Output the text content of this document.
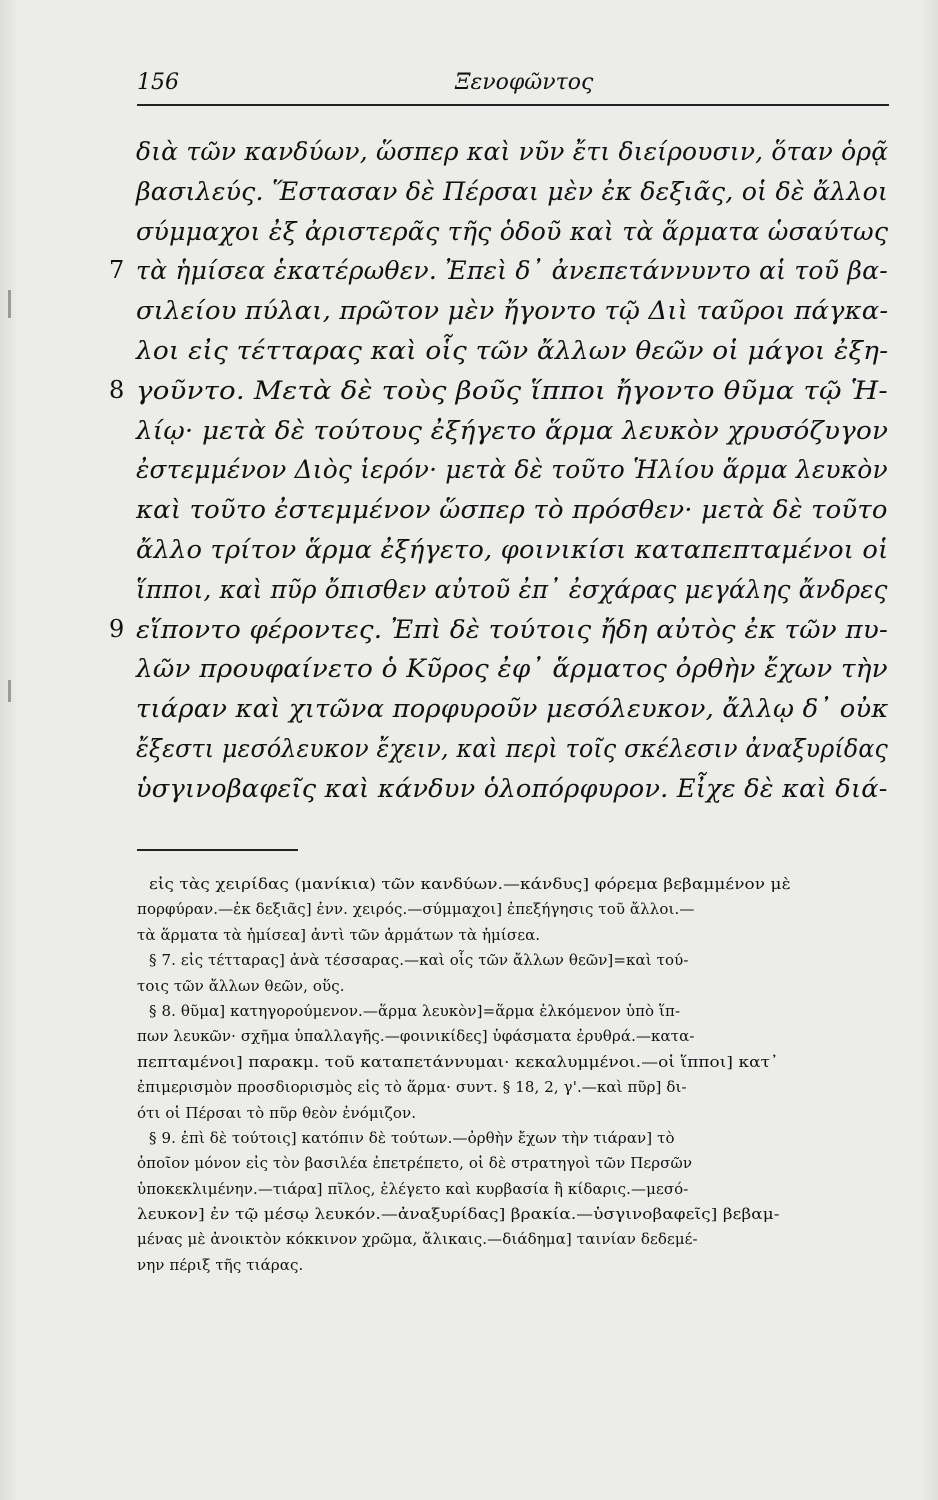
156	Ξενοφῶντος
διὰ τῶν κανδύων, ὥσπερ καὶ νῦν ἔτι διείρουσιν, ὅταν ὁρᾷ
βασιλεύς. Ἕστασαν δὲ Πέρσαι μὲν ἐκ δεξιᾶς, οἱ δὲ ἄλλοι
σύμμαχοι ἐξ ἀριστερᾶς τῆς ὁδοῦ καὶ τὰ ἅρματα ὡσαύτως
7 τὰ ἡμίσεα ἑκατέρωθεν. Ἐπεὶ δ᾽ ἀνεπετάννυντο αἱ τοῦ βα-
σιλείου πύλαι, πρῶτον μὲν ἤγοντο τῷ Διὶ ταῦροι πάγκα-
λοι εἰς τέτταρας καὶ οἷς τῶν ἄλλων θεῶν οἱ μάγοι ἐξη-
8 γοῦντο. Μετὰ δὲ τοὺς βοῦς ἵπποι ἤγοντο θῦμα τῷ Ἡ-
λίῳ· μετὰ δὲ τούτους ἐξήγετο ἅρμα λευκὸν χρυσόζυγον
ἐστεμμένον Διὸς ἱερόν· μετὰ δὲ τοῦτο Ἡλίου ἅρμα λευκὸν
καὶ τοῦτο ἐστεμμένον ὥσπερ τὸ πρόσθεν· μετὰ δὲ τοῦτο
ἄλλο τρίτον ἅρμα ἐξήγετο, φοινικίσι καταπεπταμένοι οἱ
ἵπποι, καὶ πῦρ ὄπισθεν αὐτοῦ ἐπ᾽ ἐσχάρας μεγάλης ἄνδρες
9 εἵποντο φέροντες. Ἐπὶ δὲ τούτοις ἤδη αὐτὸς ἐκ τῶν πυ-
λῶν προυφαίνετο ὁ Κῦρος ἐφ᾽ ἅρματος ὀρθὴν ἔχων τὴν
τιάραν καὶ χιτῶνα πορφυροῦν μεσόλευκον, ἄλλῳ δ᾽ οὐκ
ἔξεστι μεσόλευκον ἔχειν, καὶ περὶ τοῖς σκέλεσιν ἀναξυρίδας
ὑσγινοβαφεῖς καὶ κάνδυν ὁλοπόρφυρον. Εἶχε δὲ καὶ διά-
εἰς τὰς χειρίδας (μανίκια) τῶν κανδύων.—κάνδυς] φόρεμα βεβαμμένον μὲ
πορφύραν.—ἐκ δεξιᾶς] ἐνν. χειρός.—σύμμαχοι] ἐπεξήγησις τοῦ ἄλλοι.—
τὰ ἅρματα τὰ ἡμίσεα] ἀντὶ τῶν ἁρμάτων τὰ ἡμίσεα.
§ 7. εἰς τέτταρας] ἀνὰ τέσσαρας.—καὶ οἷς τῶν ἄλλων θεῶν]=καὶ τού-
τοις τῶν ἄλλων θεῶν, οὕς.
§ 8. θῦμα] κατηγορούμενον.—ἅρμα λευκὸν]=ἅρμα ἑλκόμενον ὑπὸ ἵπ-
πων λευκῶν· σχῆμα ὑπαλλαγῆς.—φοινικίδες] ὑφάσματα ἐρυθρά.—κατα-
πεπταμένοι] παρακμ. τοῦ καταπετάννυμαι· κεκαλυμμένοι.—οἱ ἵπποι] κατ᾽
ἐπιμερισμὸν προσδιορισμὸς εἰς τὸ ἅρμα· συντ. § 18, 2, γ'.—καὶ πῦρ] δι-
ότι οἱ Πέρσαι τὸ πῦρ θεὸν ἐνόμιζον.
§ 9. ἐπὶ δὲ τούτοις] κατόπιν δὲ τούτων.—ὀρθὴν ἔχων τὴν τιάραν] τὸ
ὁποῖον μόνον εἰς τὸν βασιλέα ἐπετρέπετο, οἱ δὲ στρατηγοὶ τῶν Περσῶν
ὑποκεκλιμένην.—τιάρα] πῖλος, ἐλέγετο καὶ κυρβασία ἢ κίδαρις.—μεσό-
λευκον] ἐν τῷ μέσῳ λευκόν.—ἀναξυρίδας] βρακία.—ὑσγινοβαφεῖς] βεβαμ-
μένας μὲ ἀνοικτὸν κόκκινον χρῶμα, ἄλικαις.—διάδημα] ταινίαν δεδεμέ-
νην πέριξ τῆς τιάρας.
